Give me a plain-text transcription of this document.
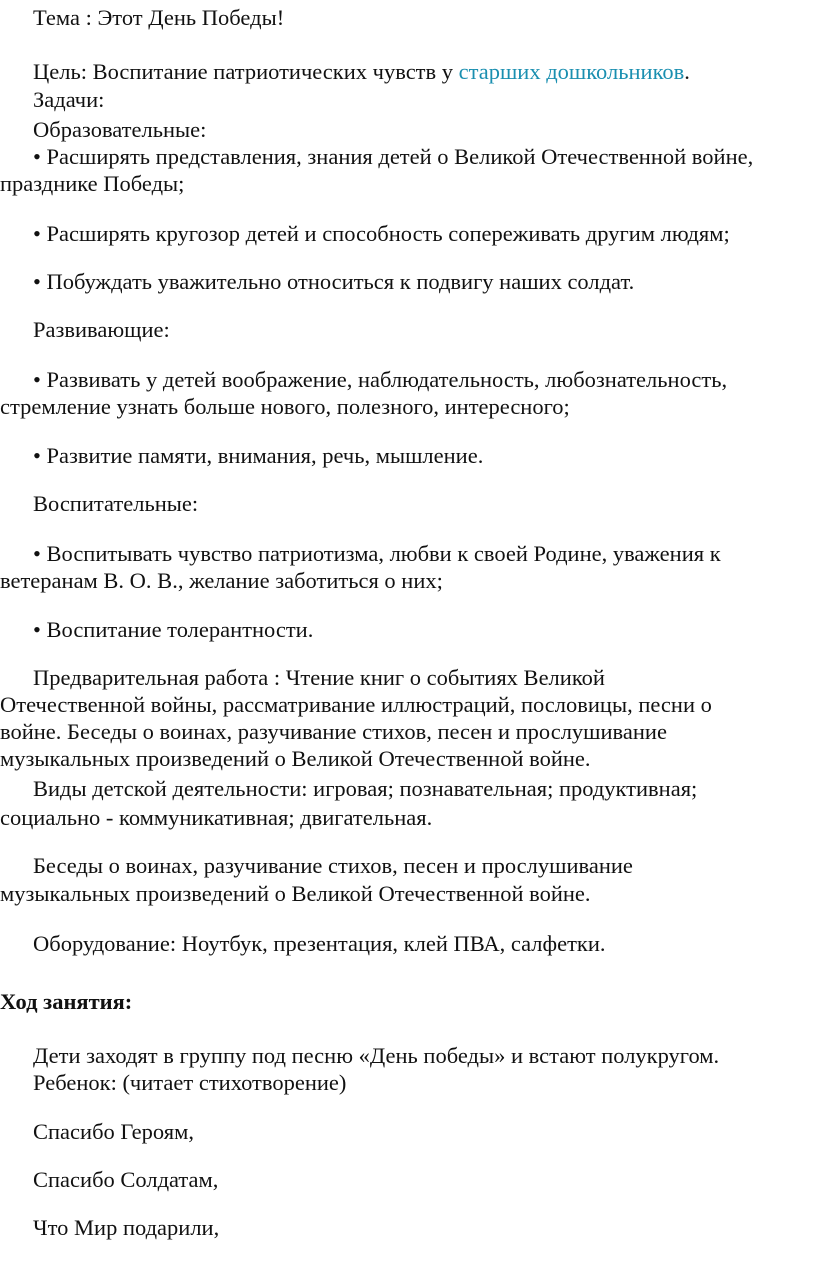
Тема : Этот День Победы!
Цель: Воспитание патриотических чувств у старших дошкольников.
Задачи:
Образовательные:
• Расширять представления, знания детей о Великой Отечественной войне,
празднике Победы;
• Расширять кругозор детей и способность сопереживать другим людям;
• Побуждать уважительно относиться к подвигу наших солдат.
Развивающие:
• Развивать у детей воображение, наблюдательность, любознательность,
стремление узнать больше нового, полезного, интересного;
• Развитие памяти, внимания, речь, мышление.
Воспитательные:
• Воспитывать чувство патриотизма, любви к своей Родине, уважения к
ветеранам В. О. В., желание заботиться о них;
• Воспитание толерантности.
Предварительная работа : Чтение книг о событиях Великой
Отечественной войны, рассматривание иллюстраций, пословицы, песни о
войне. Беседы о воинах, разучивание стихов, песен и прослушивание
музыкальных произведений о Великой Отечественной войне.
Виды детской деятельности: игровая; познавательная; продуктивная;
социально - коммуникативная; двигательная.
Беседы о воинах, разучивание стихов, песен и прослушивание
музыкальных произведений о Великой Отечественной войне.
Оборудование: Ноутбук, презентация, клей ПВА, салфетки.
Ход занятия:
Дети заходят в группу под песню «День победы» и встают полукругом.
Ребенок: (читает стихотворение)
Спасибо Героям,
Спасибо Солдатам,
Что Мир подарили,
